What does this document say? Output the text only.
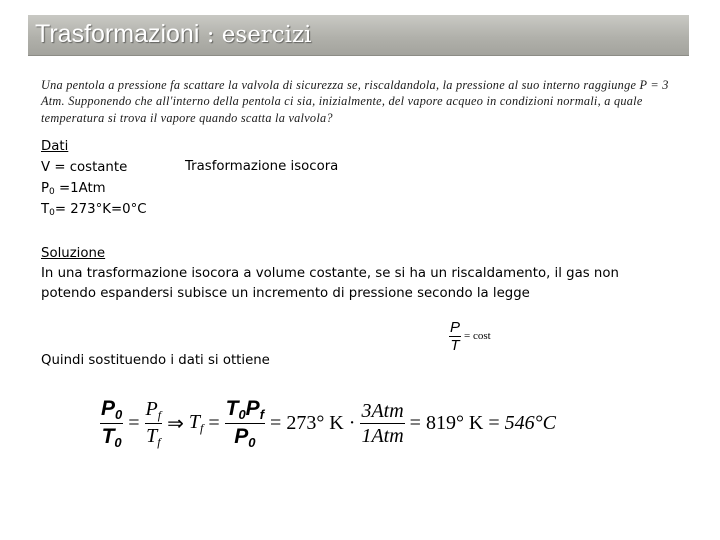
Trasformazioni : esercizi
Una pentola a pressione fa scattare la valvola di sicurezza se, riscaldandola, la pressione al suo interno raggiunge P = 3 Atm. Supponendo che all'interno della pentola ci sia, inizialmente, del vapore acqueo in condizioni normali, a quale temperatura si trova il vapore quando scatta la valvola?
Dati
V = costante
$P_0 =1Atm$
$T_0= 273^\circ K=0^\circ C$
Trasformazione isocora
Soluzione
In una trasformazione isocora a volume costante, se si ha un riscaldamento, il gas non
potendo espandersi subisce un incremento di pressione secondo la legge
$\frac{P}{T} = \cos t$
Quindi sostituendo i dati si ottiene
$\frac{P_0}{T_0} = \frac{P_f}{T_f}$ ⇒ $T_f = \frac{T_0P_f}{P_0} = 273^\circ$ $K \cdot \frac{\text{3Atm}}{\text{1Atm}} = 819^\circ$ K = 546°C
